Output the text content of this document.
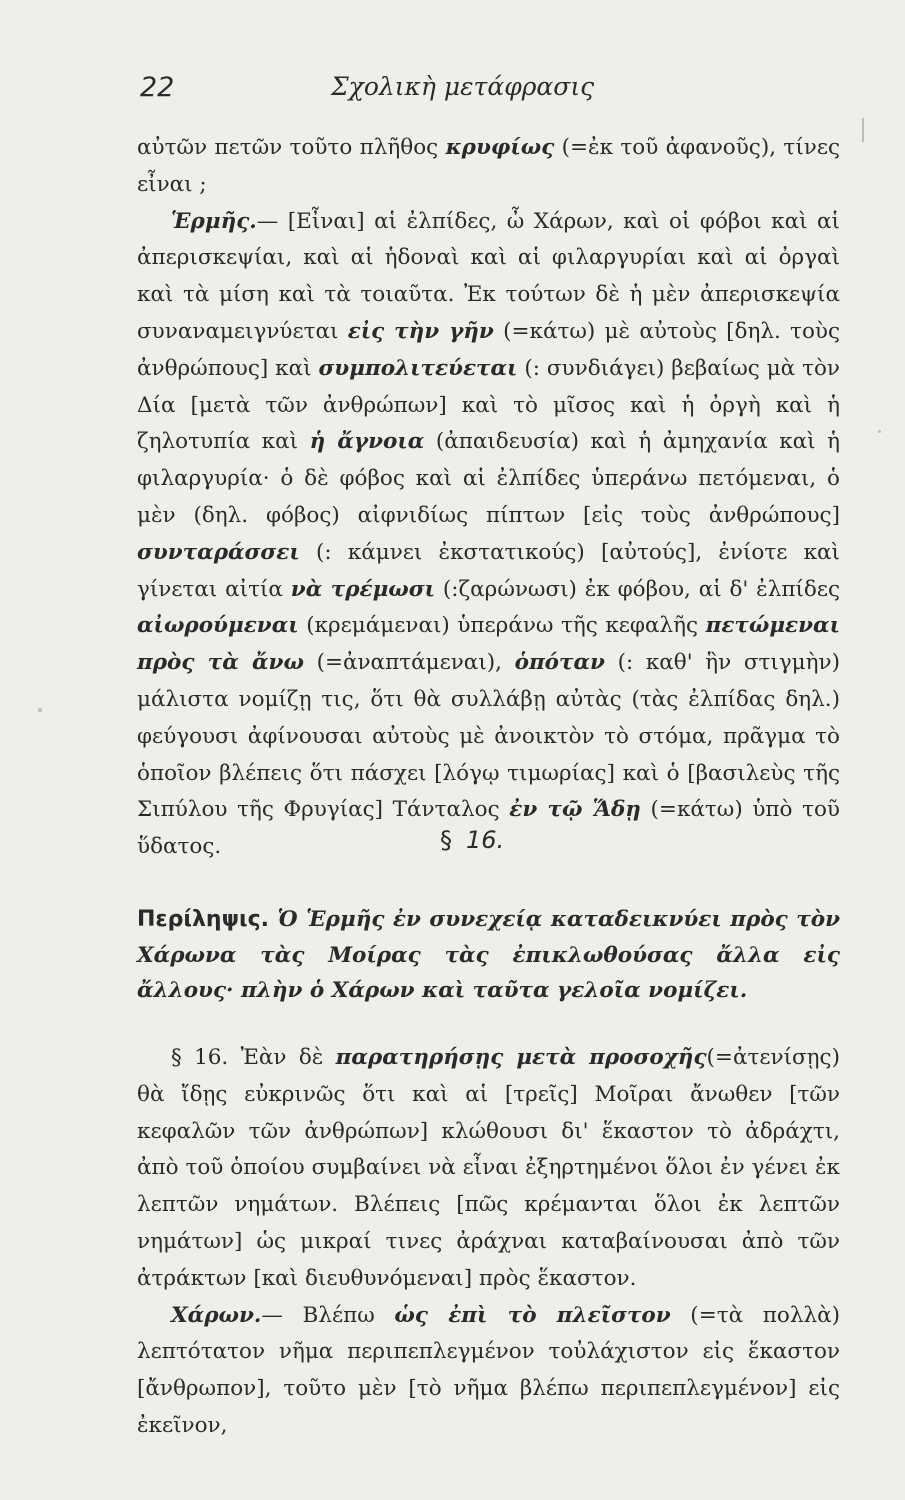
22	Σχολικὴ μετάφρασις

αὐτῶν πετῶν τοῦτο πλῆθος κρυφίως (=ἐκ τοῦ ἀφανοῦς), τίνες εἶναι ;

Ἑρμῆς.— [Εἶναι] αἱ ἐλπίδες, ὦ Χάρων, καὶ οἱ φόβοι καὶ αἱ ἀπερισκεψίαι, καὶ αἱ ἡδοναὶ καὶ αἱ φιλαργυρίαι καὶ αἱ ὀργαὶ καὶ τὰ μίση καὶ τὰ τοιαῦτα. Ἐκ τούτων δὲ ἡ μὲν ἀπερισκεψία συναναμειγνύεται εἰς τὴν γῆν (=κάτω) μὲ αὐτοὺς [δηλ. τοὺς ἀνθρώπους] καὶ συμπολιτεύεται (: συνδιάγει) βεβαίως μὰ τὸν Δία [μετὰ τῶν ἀνθρώπων] καὶ τὸ μῖσος καὶ ἡ ὀργὴ καὶ ἡ ζηλοτυπία καὶ ἡ ἄγνοια (ἀπαιδευσία) καὶ ἡ ἀμηχανία καὶ ἡ φιλαργυρία· ὁ δὲ φόβος καὶ αἱ ἐλπίδες ὑπεράνω πετόμεναι, ὁ μὲν (δηλ. φόβος) αἰφνιδίως πίπτων [εἰς τοὺς ἀνθρώπους] συνταράσσει (: κάμνει ἐκστατικούς) [αὐτούς], ἐνίοτε καὶ γίνεται αἰτία νὰ τρέμωσι (:ζαρώνωσι) ἐκ φόβου, αἱ δ' ἐλπίδες αἰωρούμεναι (κρεμάμεναι) ὑπεράνω τῆς κεφαλῆς πετώμεναι πρὸς τὰ ἄνω (=ἀναπτάμεναι), ὁπόταν (: καθ' ἣν στιγμὴν) μάλιστα νομίζῃ τις, ὅτι θὰ συλλάβῃ αὐτὰς (τὰς ἐλπίδας δηλ.) φεύγουσι ἀφίνουσαι αὐτοὺς μὲ ἀνοικτὸν τὸ στόμα, πρᾶγμα τὸ ὁποῖον βλέπεις ὅτι πάσχει [λόγῳ τιμωρίας] καὶ ὁ [βασιλεὺς τῆς Σιπύλου τῆς Φρυγίας] Τάνταλος ἐν τῷ Ἅδῃ (=κάτω) ὑπὸ τοῦ ὕδατος.	§ 16.

Περίληψις. Ὁ Ἑρμῆς ἐν συνεχείᾳ καταδεικνύει πρὸς τὸν Χάρωνα τὰς Μοίρας τὰς ἐπικλωθούσας ἄλλα εἰς ἄλλους· πλὴν ὁ Χάρων καὶ ταῦτα γελοῖα νομίζει.

§ 16. Ἐὰν δὲ παρατηρήσῃς μετὰ προσοχῆς(=ἀτενίσῃς) θὰ ἴδῃς εὐκρινῶς ὅτι καὶ αἱ [τρεῖς] Μοῖραι ἄνωθεν [τῶν κεφαλῶν τῶν ἀνθρώπων] κλώθουσι δι' ἕκαστον τὸ ἀδράχτι, ἀπὸ τοῦ ὁποίου συμβαίνει νὰ εἶναι ἐξηρτημένοι ὅλοι ἐν γένει ἐκ λεπτῶν νημάτων. Βλέπεις [πῶς κρέμανται ὅλοι ἐκ λεπτῶν νημάτων] ὡς μικραί τινες ἀράχναι καταβαίνουσαι ἀπὸ τῶν ἀτράκτων [καὶ διευθυνόμεναι] πρὸς ἕκαστον.

Χάρων.— Βλέπω ὡς ἐπὶ τὸ πλεῖστον (=τὰ πολλὰ) λεπτότατον νῆμα περιπεπλεγμένον τοὐλάχιστον εἰς ἕκαστον [ἄνθρωπον], τοῦτο μὲν [τὸ νῆμα βλέπω περιπεπλεγμένον] εἰς ἐκεῖνον,
